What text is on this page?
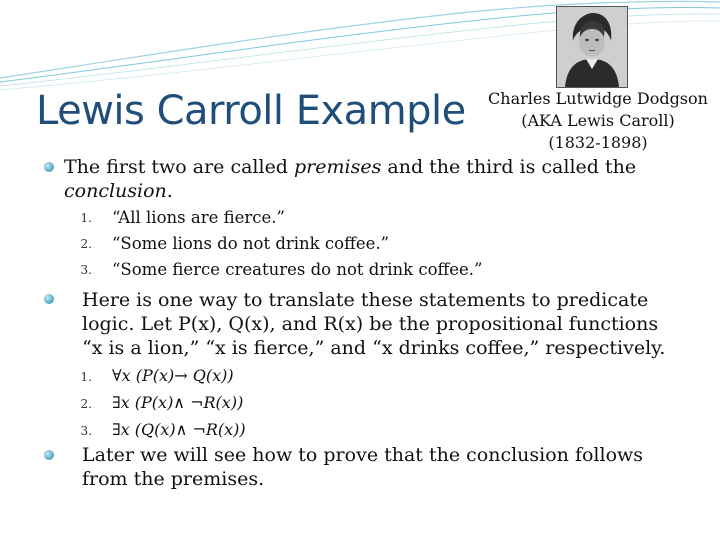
Lewis Carroll Example Charles Lutwidge Dodgson
(AKA Lewis Caroll)
(1832-1898)
The first two are called premises and the third is called the
conclusion.
1. “All lions are fierce.”
2. “Some lions do not drink coffee.”
3. “Some fierce creatures do not drink coffee.”
Here is one way to translate these statements to predicate
logic. Let P(x), Q(x), and R(x) be the propositional functions
“x is a lion,” “x is fierce,” and “x drinks coffee,” respectively.
1. ∀x (P(x)→ Q(x))
2. ∃x (P(x)∧ ¬R(x))
3. ∃x (Q(x)∧ ¬R(x))
Later we will see how to prove that the conclusion follows
from the premises.
